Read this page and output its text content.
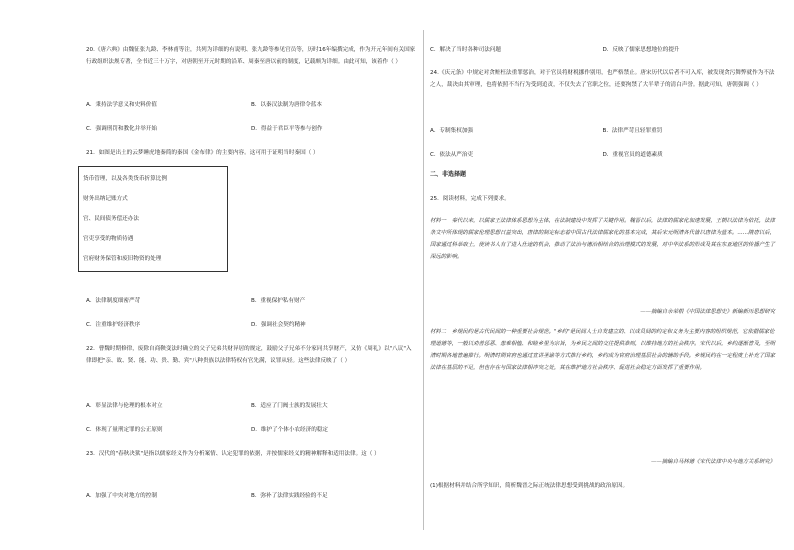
20.《唐六典》由魏征张九龄、李林甫等注，共列为详细的有说明、张九龄等参见官员等，历时16年编撰完成，作为开元年间有关国家行政组织法规专著，全书近三十万字，对唐朝至开元时期的沿革、周秦至唐以前的制度，记载颇为详细。由此可知，该着作（ ）

A．秉持法学意义和史料价值	B．以秦汉法制为唐律令蓝本
C．强调刑罚和教化并举开始	D．得益于君臣平等参与创作

21．如图是出土的云梦睡虎地秦简的秦国《金布律》的主要内容。这可用于证明当时秦国（ ）

货币管理，以及各类货币折算比例
财务出纳记账方式
官、民间债务偿还办法
官吏享受的物质待遇
官府财务保管和废旧物资的处理
A．法律制度细密严苛	B．重视保护私有财产
C．注重维护经济秩序	D．强调社会契约精神

22．曹魏时期修律，废除自商鞅变法时确立的父子兄弟共财异居的规定，鼓励父子兄弟不分家同共享财产，又仿《周礼》以"八议"入律即把"亲、故、贤、能、功、贵、勤、宾"八种贵族以法律特权有官先满，议罪从轻。这些法律反映了（ ）

A．彰显法律与伦理的根本对立	B．适应了门阀士族的发展壮大
C．体现了量刑定罪的公正原则	D．维护了个体小农经济的稳定

23．汉代的"春秋决狱"是指以儒家经义作为分析案情、认定犯罪的依据，并按儒家经义的精神解释和适用法律。这（ ）

A．加强了中央对地方的控制	B．弥补了法律实践经验的不足
C．解决了当时各种司法问题	D．反映了儒家思想地位的提升

24.《庆元条》中规定对贪赃枉法重罪惩治，对于官员将财税挪作别用，也严格禁止。唐宋历代以后者不可入库，被发现贪污舞弊就作为不法之人，裁决由其审理，也将依照不当行为受到追责，不仅失去了官职之位，还要拘禁了大半辈子的清白声誉。据此可知，唐朝强调（ ）

A．专制集权加强	B．法律严苛且轻罪重罚
C．依法从严治吏	D．重视官员的道德素质
二、非选择题

25．阅读材料，完成下列要求。

材料一　秦代以来，以儒家王法律体系思想为主体，在法制建设中发挥了关键作用。魏晋以后，法律的儒家化加速发展，王朝以法律为依托，法律条文中所体现的儒家伦理思想日益突出，唐律的制定标志着中国古代法律儒家化的基本完成，其后宋元明清各代皆以唐律为蓝本。……隋唐以后，国家通过科举取士，使读书人有了进入仕途的机会，推动了法治与德治相结合的治理模式的发展，对中华法系的形成及其在东亚地区的传播产生了深远的影响。

——摘编自余荣根《中国法律思想史》新编新历思想研究

材料二　乡规民约是古代民间的一种重要社会规范。"乡约"是民间人士自发建立的、以成员间的约定和义务为主要内容的组织规范，它依据儒家伦理道德等，一般以劝善惩恶、患难相恤、和睦乡里为宗旨，为乡民之间的交往提供准则，以维持地方的社会秩序。宋代以后，乡约逐渐普及，至明清时期各地普遍推行。明清时期官府也通过宣讲圣谕等方式推行乡约，乡约成为官府治理基层社会的辅助手段。乡规民约在一定程度上补充了国家法律在基层的不足，但也存在与国家法律相冲突之处，其在维护地方社会秩序、促进社会稳定方面发挥了重要作用。

——摘编自马林德《宋代法律中央与地方关系研究》

(1)根据材料并结合所学知识，简析魏晋之际正统法律思想受到挑战的政治原因。
